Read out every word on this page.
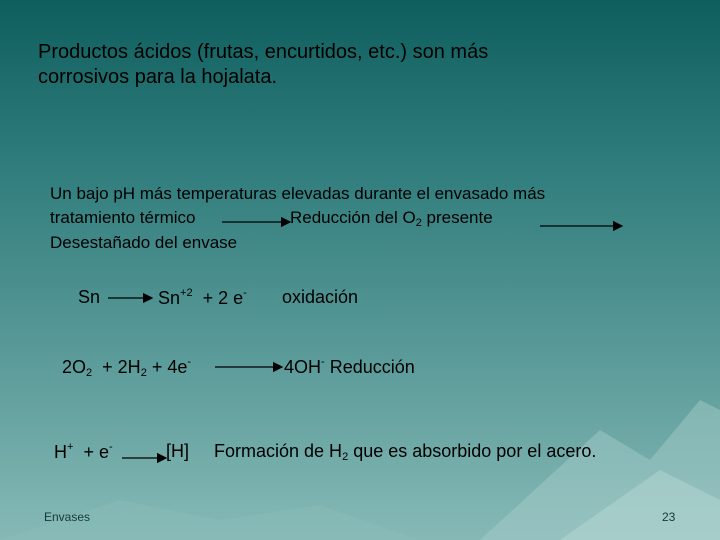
Productos ácidos (frutas, encurtidos, etc.) son más
corrosivos para la hojalata.
Un bajo pH más temperaturas elevadas durante el envasado más
tratamiento térmico	Reducción del $O_2$ presente
Desestañado del envase
Sn	$Sn^{+2} + 2$ e- oxidación
$2O_2 + 2H_2 + 4e^-$	4OH- Reducción
H+ + e-	[H] Formación de $H_2$ que es absorbido por el acero.
Envases	23
